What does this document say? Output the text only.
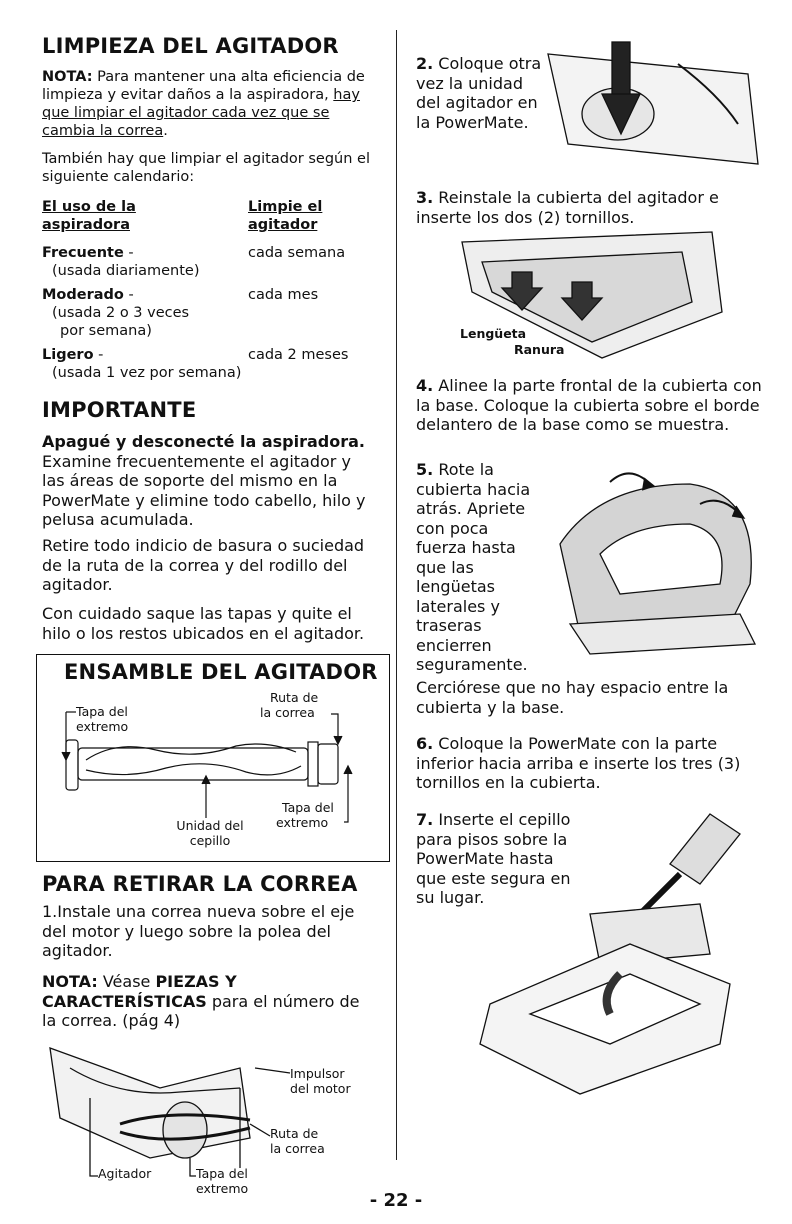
LIMPIEZA DEL AGITADOR
NOTA: Para mantener una alta eficiencia de limpieza y evitar daños a la aspiradora, hay que limpiar el agitador cada vez que se cambia la correa.
También hay que limpiar el agitador según el siguiente calendario:
El uso de la
aspiradora
Limpie el
agitador
Frecuente -
(usada diariamente)
cada semana
Moderado -
(usada 2 o 3 veces
por semana)
cada mes
Ligero -
(usada 1 vez por semana)
cada 2 meses
IMPORTANTE
Apagué y desconecté la aspiradora. Examine frecuentemente el agitador y las áreas de soporte del mismo en la PowerMate y elimine todo cabello, hilo y pelusa acumulada.
Retire todo indicio de basura o suciedad de la ruta de la correa y del rodillo del agitador.
Con cuidado saque las tapas y quite el hilo o los restos ubicados en el agitador.
ENSAMBLE DEL AGITADOR
Tapa del
extremo
Ruta de
la correa
Unidad del
cepillo
Tapa del
extremo
PARA RETIRAR LA CORREA
1.Instale una correa nueva sobre el eje del motor y luego sobre la polea del agitador.
NOTA: Véase PIEZAS Y CARACTERÍSTICAS para el número de la correa. (pág 4)
Impulsor
del motor
Ruta de
la correa
Agitador	Tapa del
extremo
2. Coloque otra
vez la unidad
del agitador en
la PowerMate.
3. Reinstale la cubierta del agitador e inserte los dos (2) tornillos.
Lengüeta
Ranura
4. Alinee la parte frontal de la cubierta con la base. Coloque la cubierta sobre el borde delantero de la base como se muestra.
5. Rote la
cubierta hacia
atrás. Apriete
con poca
fuerza hasta
que las
lengüetas
laterales y
traseras
encierren
seguramente.
Cerciórese que no hay espacio entre la cubierta y la base.
6. Coloque la PowerMate con la parte inferior hacia arriba e inserte los tres (3) tornillos en la cubierta.
7. Inserte el cepillo
para pisos sobre la
PowerMate hasta
que este segura en
su lugar.
- 22 -
